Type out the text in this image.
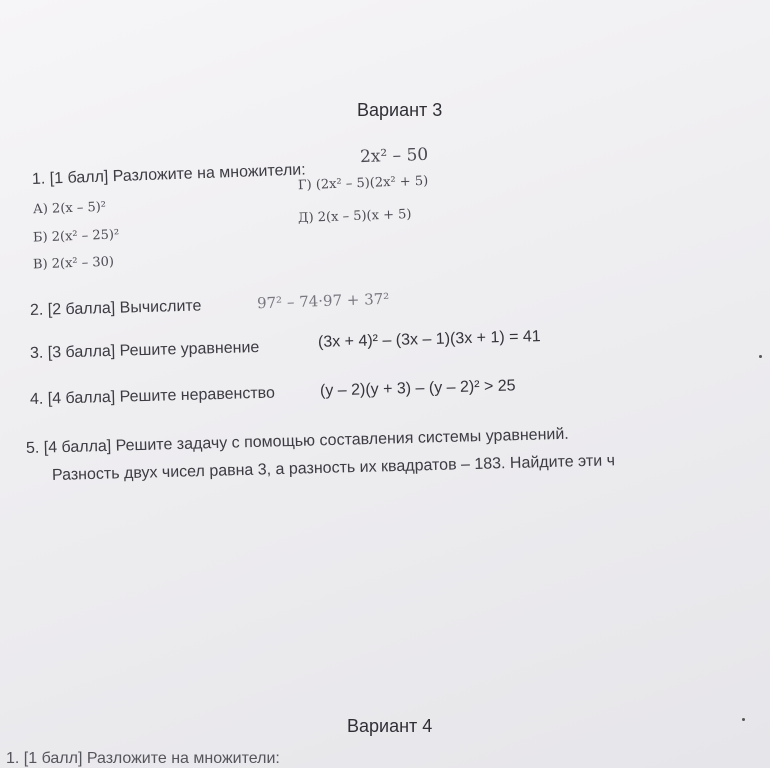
Вариант 3
1. [1 балл] Разложите на множители:
2x² – 50
А) 2(x – 5)²
Б) 2(x² – 25)²
В) 2(x² – 30)
Г) (2x² – 5)(2x² + 5)
Д) 2(x – 5)(x + 5)
2. [2 балла] Вычислите	97² – 74·97 + 37²
3. [3 балла] Решите уравнение	(3x + 4)² – (3x – 1)(3x + 1) = 41
4. [4 балла] Решите неравенство	(y – 2)(y + 3) – (y – 2)² > 25
5. [4 балла] Решите задачу с помощью составления системы уравнений.
Разность двух чисел равна 3, а разность их квадратов – 183. Найдите эти ч
Вариант 4
1. [1 балл] Разложите на множители:
